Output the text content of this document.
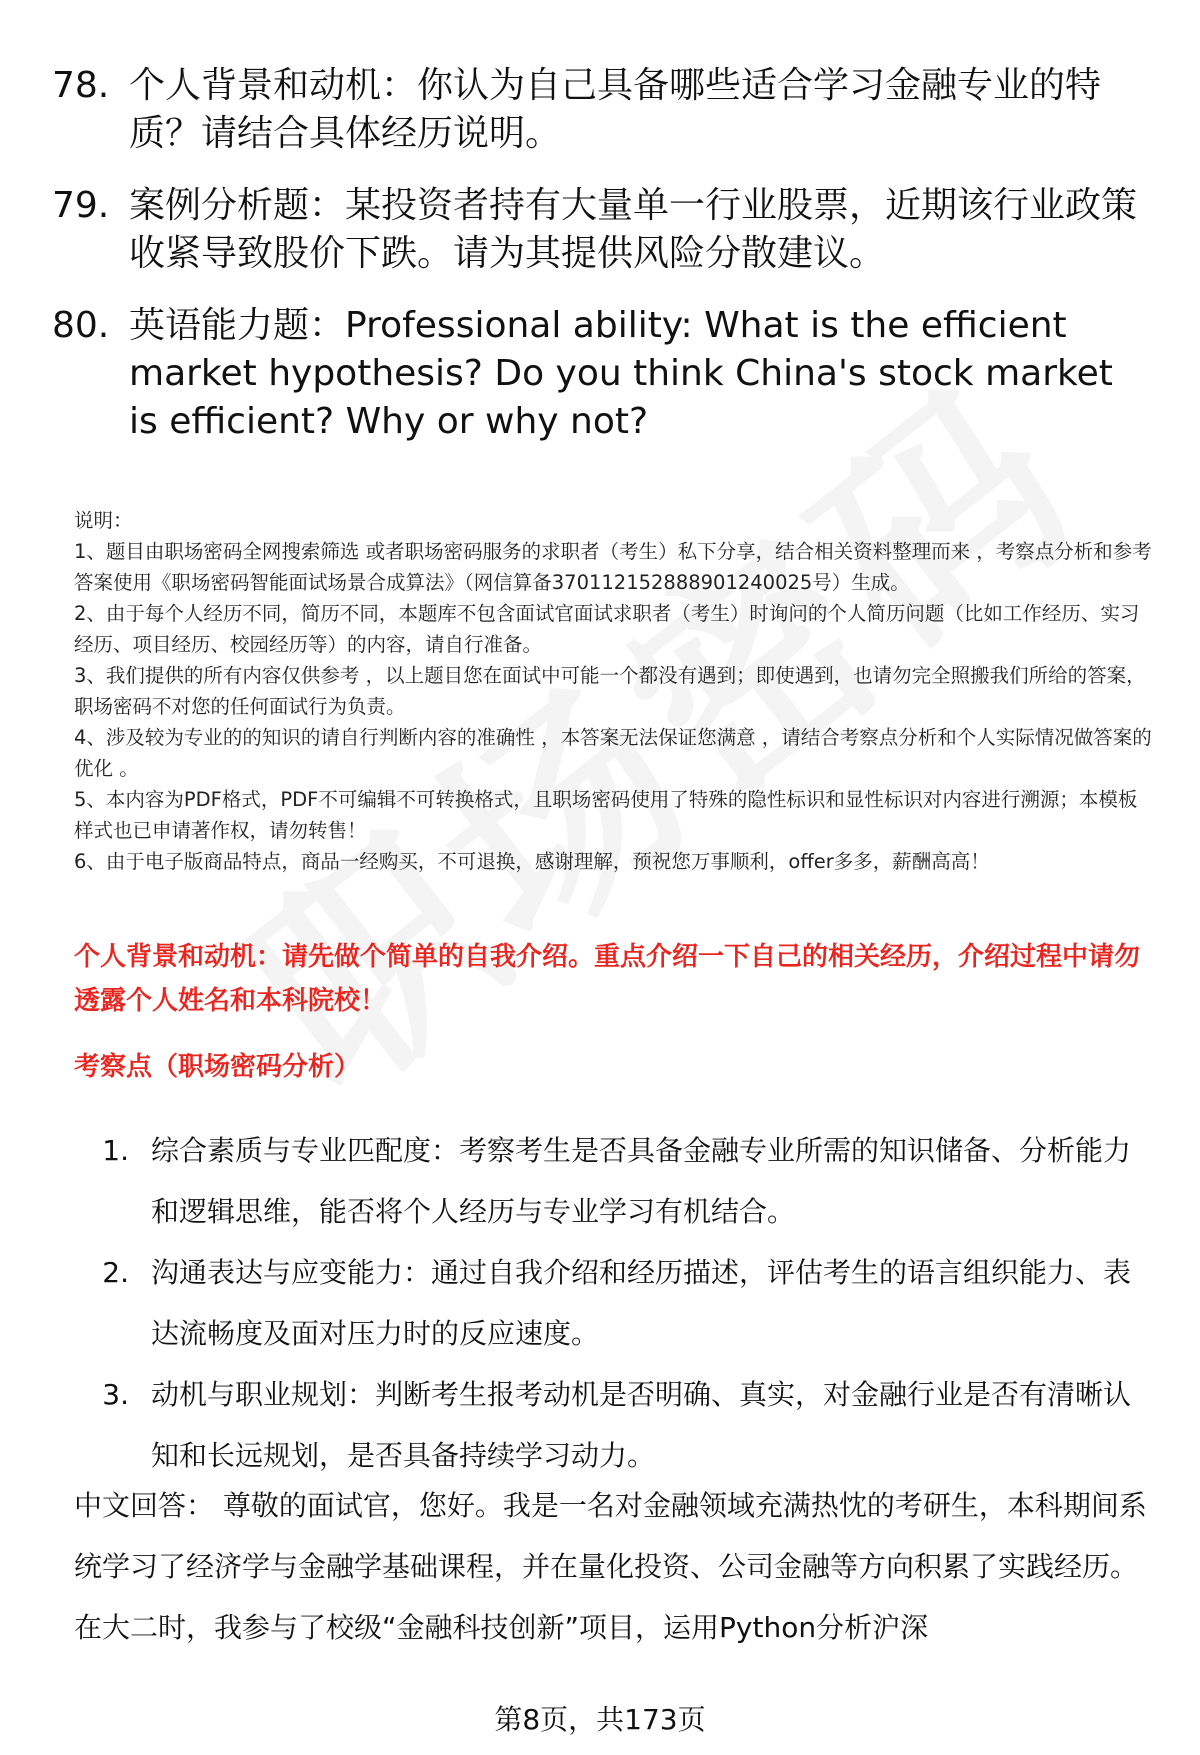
78. 个人背景和动机：你认为自己具备哪些适合学习金融专业的特质？请结合具体经历说明。
79. 案例分析题：某投资者持有大量单一行业股票，近期该行业政策收紧导致股价下跌。请为其提供风险分散建议。
80. 英语能力题：Professional ability: What is the efficient market hypothesis? Do you think China's stock market is efficient? Why or why not?
说明：
1、题目由职场密码全网搜索筛选 或者职场密码服务的求职者（考生）私下分享，结合相关资料整理而来 ，考察点分析和参考答案使用《职场密码智能面试场景合成算法》（网信算备370112152888901240025号）生成。
2、由于每个人经历不同，简历不同，本题库不包含面试官面试求职者（考生）时询问的个人简历问题（比如工作经历、实习经历、项目经历、校园经历等）的内容，请自行准备。
3、我们提供的所有内容仅供参考 ，以上题目您在面试中可能一个都没有遇到；即使遇到，也请勿完全照搬我们所给的答案，职场密码不对您的任何面试行为负责。
4、涉及较为专业的的知识的请自行判断内容的准确性 ，本答案无法保证您满意 ，请结合考察点分析和个人实际情况做答案的优化 。
5、本内容为PDF格式，PDF不可编辑不可转换格式，且职场密码使用了特殊的隐性标识和显性标识对内容进行溯源；本模板样式也已申请著作权，请勿转售！
6、由于电子版商品特点，商品一经购买，不可退换，感谢理解，预祝您万事顺利，offer多多，薪酬高高！
个人背景和动机：请先做个简单的自我介绍。重点介绍一下自己的相关经历，介绍过程中请勿透露个人姓名和本科院校！
考察点（职场密码分析）
1. 综合素质与专业匹配度：考察考生是否具备金融专业所需的知识储备、分析能力和逻辑思维，能否将个人经历与专业学习有机结合。
2. 沟通表达与应变能力：通过自我介绍和经历描述，评估考生的语言组织能力、表达流畅度及面对压力时的反应速度。
3. 动机与职业规划：判断考生报考动机是否明确、真实，对金融行业是否有清晰认知和长远规划，是否具备持续学习动力。
中文回答： 尊敬的面试官，您好。我是一名对金融领域充满热忱的考研生，本科期间系统学习了经济学与金融学基础课程，并在量化投资、公司金融等方向积累了实践经历。在大二时，我参与了校级“金融科技创新”项目，运用Python分析沪深
第8页，共173页
